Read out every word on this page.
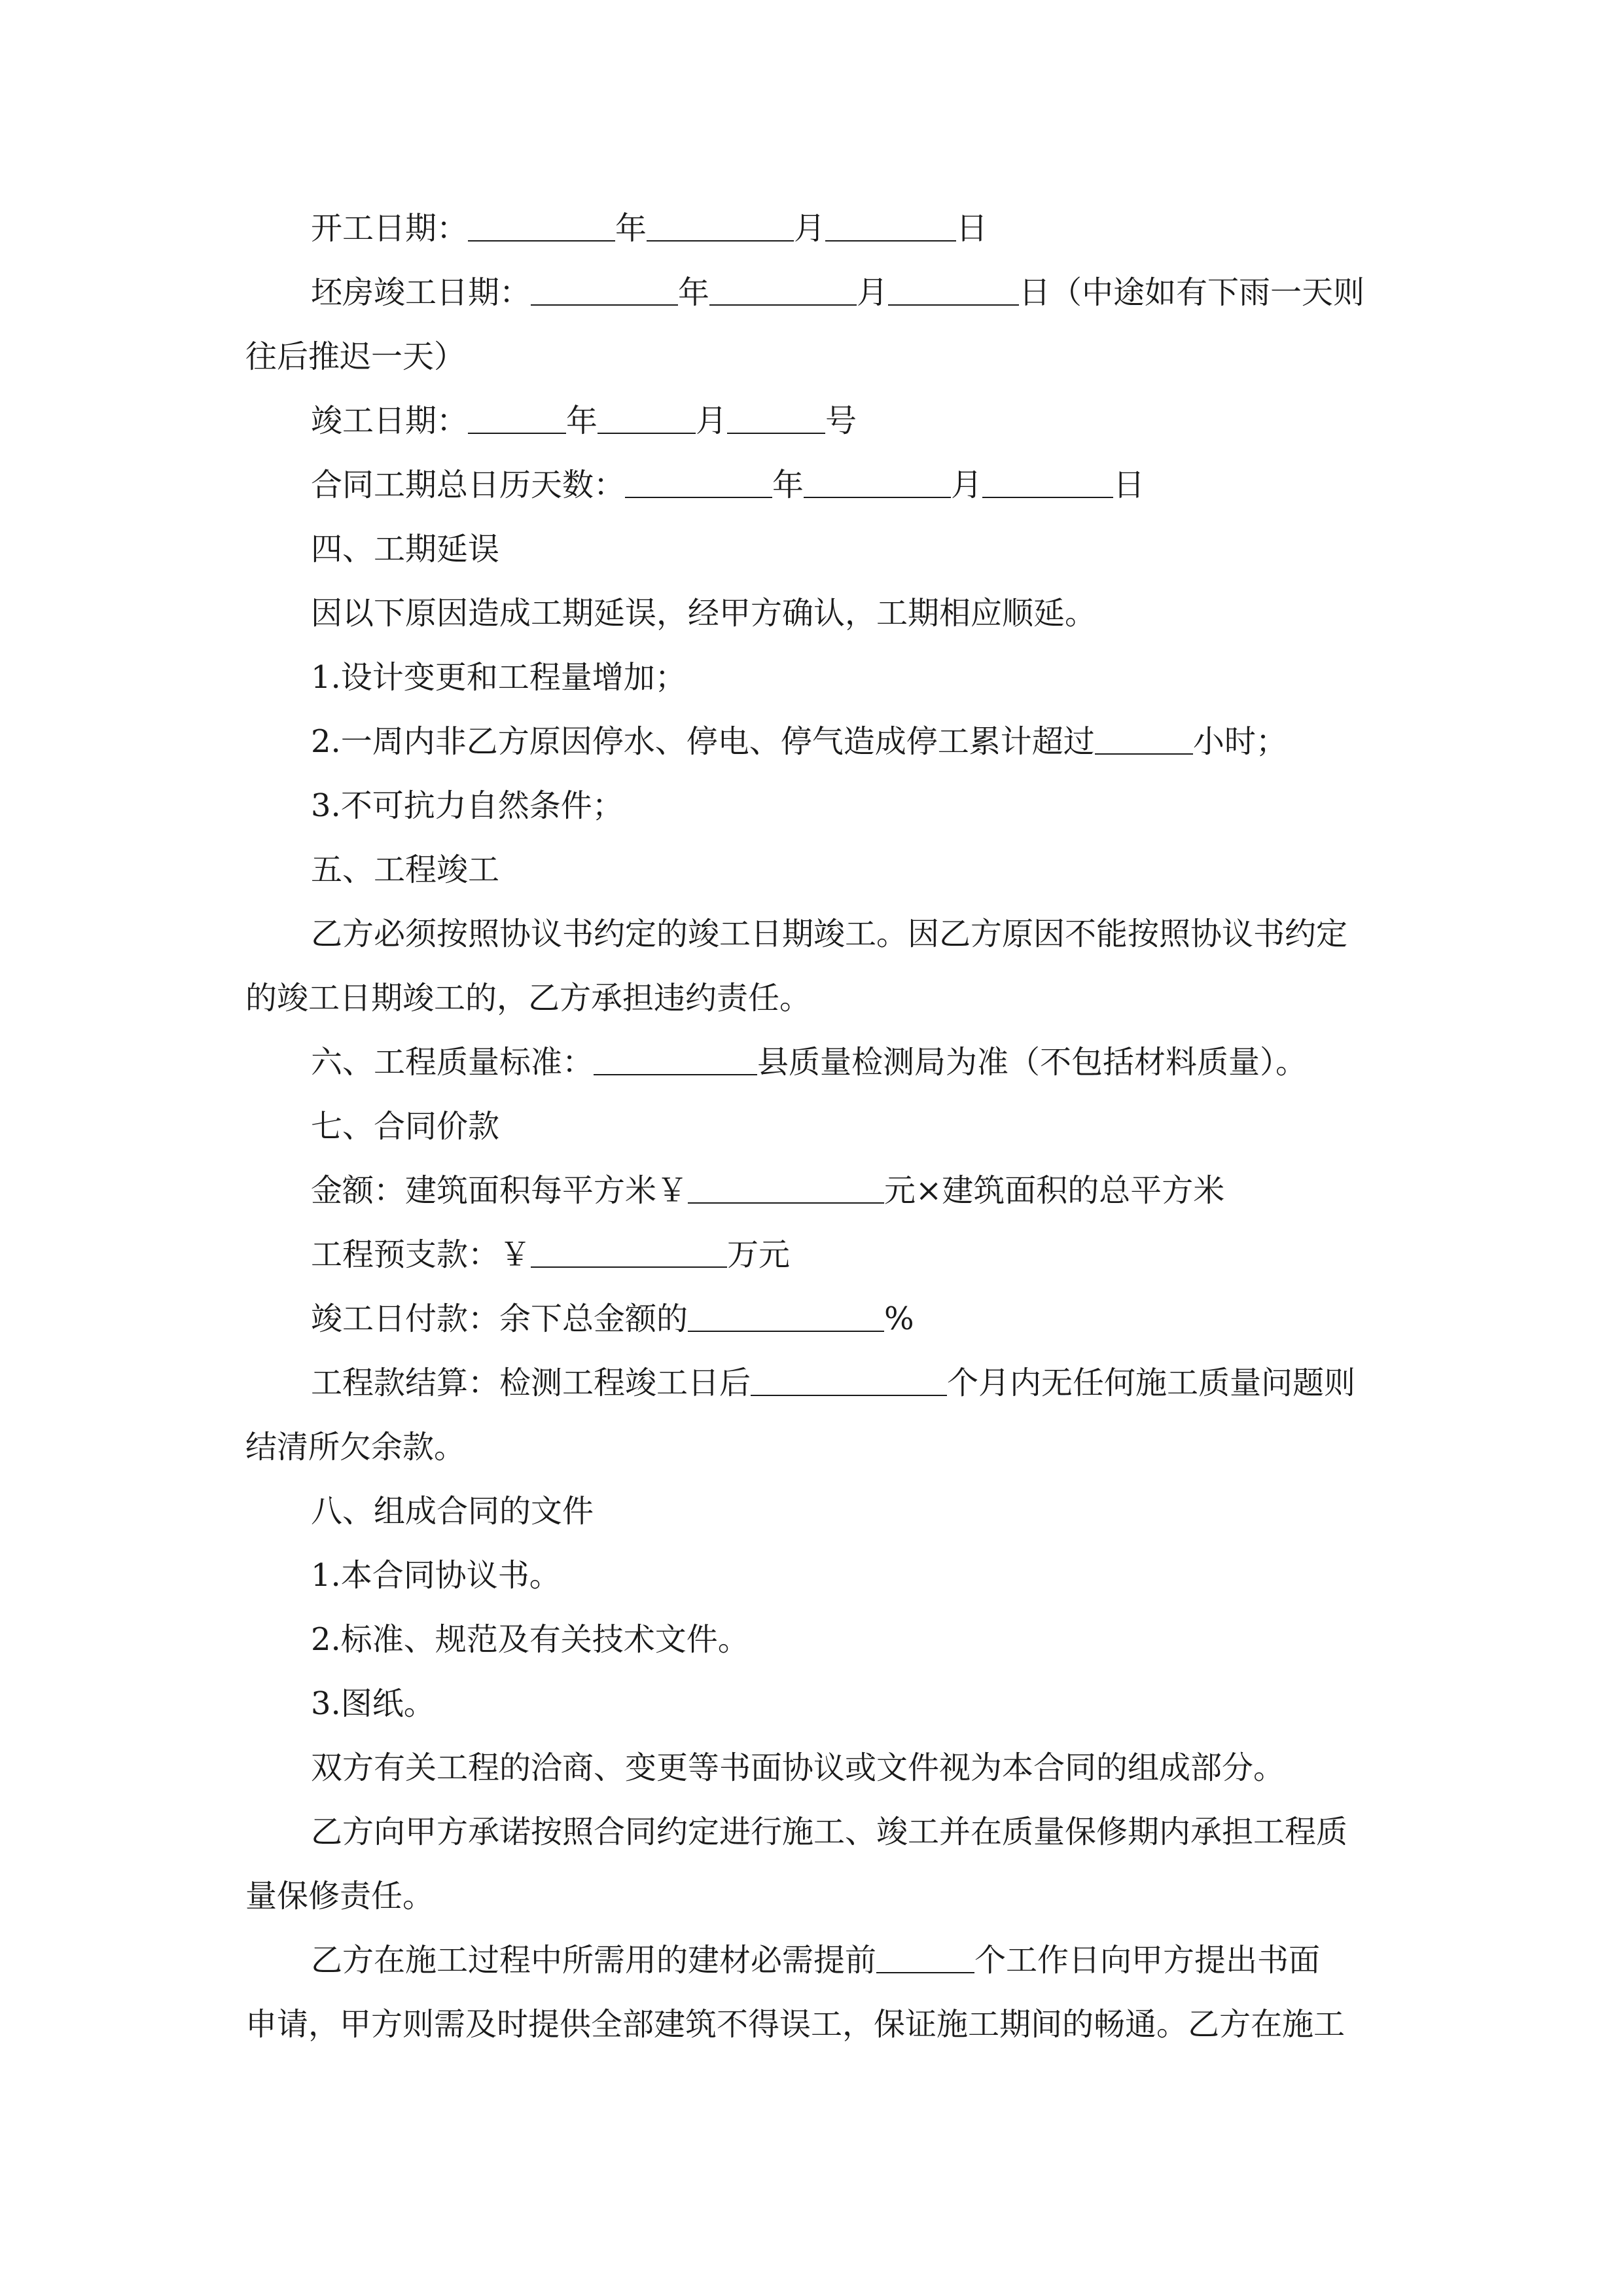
开工日期：	年	月	日
坯房竣工日期：	年	月	日（中途如有下雨一天则
往后推迟一天）
竣工日期：	年	月	号
合同工期总日历天数：	年	月	日
四、工期延误
因以下原因造成工期延误，经甲方确认，工期相应顺延。
1.设计变更和工程量增加；
2.一周内非乙方原因停水、停电、停气造成停工累计超过	小时；
3.不可抗力自然条件；
五、工程竣工
乙方必须按照协议书约定的竣工日期竣工。因乙方原因不能按照协议书约定
的竣工日期竣工的，乙方承担违约责任。
六、工程质量标准：	县质量检测局为准（不包括材料质量）。
七、合同价款
金额：建筑面积每平方米￥	元×建筑面积的总平方米
工程预支款：￥	万元
竣工日付款：余下总金额的	%
工程款结算：检测工程竣工日后	个月内无任何施工质量问题则
结清所欠余款。
八、组成合同的文件
1.本合同协议书。
2.标准、规范及有关技术文件。
3.图纸。
双方有关工程的洽商、变更等书面协议或文件视为本合同的组成部分。
乙方向甲方承诺按照合同约定进行施工、竣工并在质量保修期内承担工程质
量保修责任。
乙方在施工过程中所需用的建材必需提前	个工作日向甲方提出书面
申请，甲方则需及时提供全部建筑不得误工，保证施工期间的畅通。乙方在施工
